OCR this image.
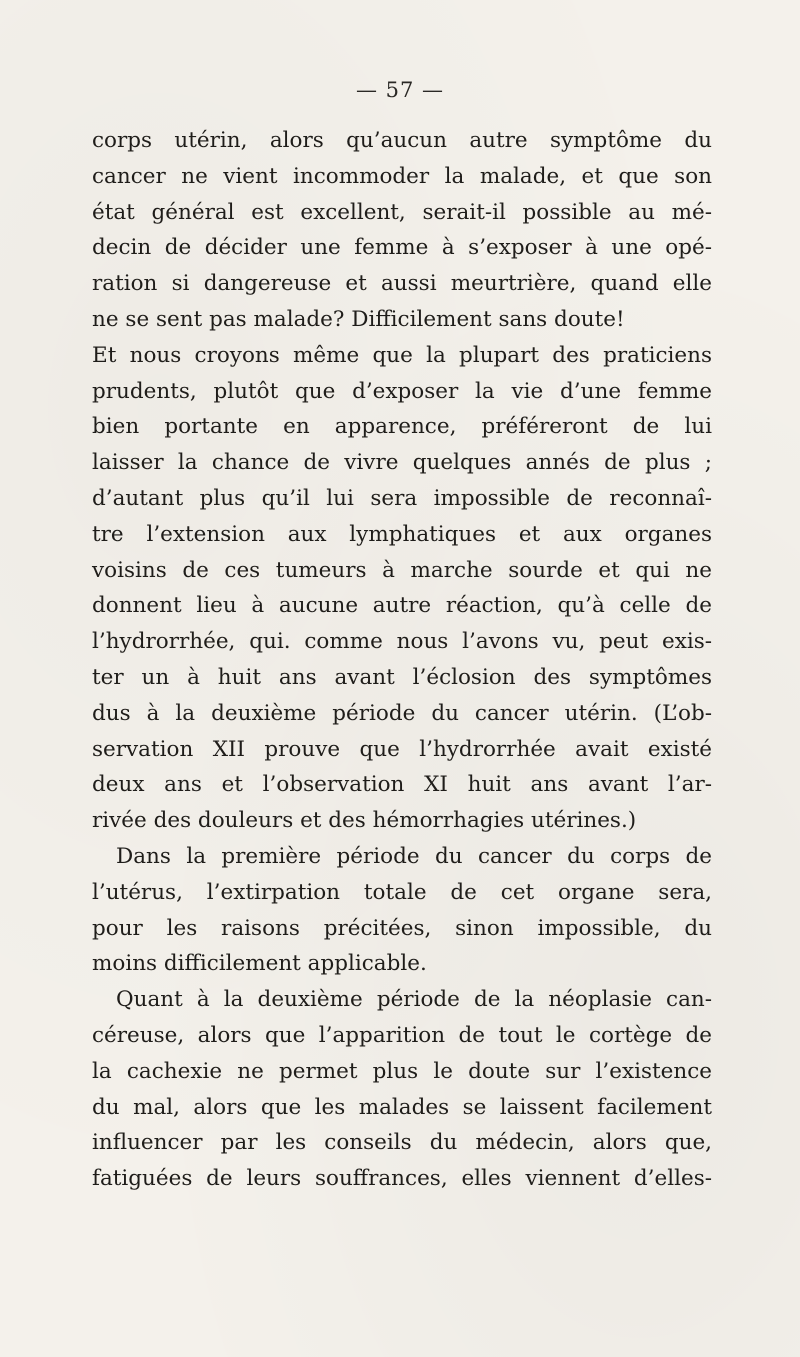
— 57 —
corps utérin, alors qu’aucun autre symptôme du
cancer ne vient incommoder la malade, et que son
état général est excellent, serait-il possible au mé-
decin de décider une femme à s’exposer à une opé-
ration si dangereuse et aussi meurtrière, quand elle
ne se sent pas malade? Difficilement sans doute!
Et nous croyons même que la plupart des praticiens
prudents, plutôt que d’exposer la vie d’une femme
bien portante en apparence, préféreront de lui
laisser la chance de vivre quelques annés de plus ;
d’autant plus qu’il lui sera impossible de reconnaî-
tre l’extension aux lymphatiques et aux organes
voisins de ces tumeurs à marche sourde et qui ne
donnent lieu à aucune autre réaction, qu’à celle de
l’hydrorrhée, qui. comme nous l’avons vu, peut exis-
ter un à huit ans avant l’éclosion des symptômes
dus à la deuxième période du cancer utérin. (L’ob-
servation XII prouve que l’hydrorrhée avait existé
deux ans et l’observation XI huit ans avant l’ar-
rivée des douleurs et des hémorrhagies utérines.)
Dans la première période du cancer du corps de
l’utérus, l’extirpation totale de cet organe sera,
pour les raisons précitées, sinon impossible, du
moins difficilement applicable.
Quant à la deuxième période de la néoplasie can-
céreuse, alors que l’apparition de tout le cortège de
la cachexie ne permet plus le doute sur l’existence
du mal, alors que les malades se laissent facilement
influencer par les conseils du médecin, alors que,
fatiguées de leurs souffrances, elles viennent d’elles-
